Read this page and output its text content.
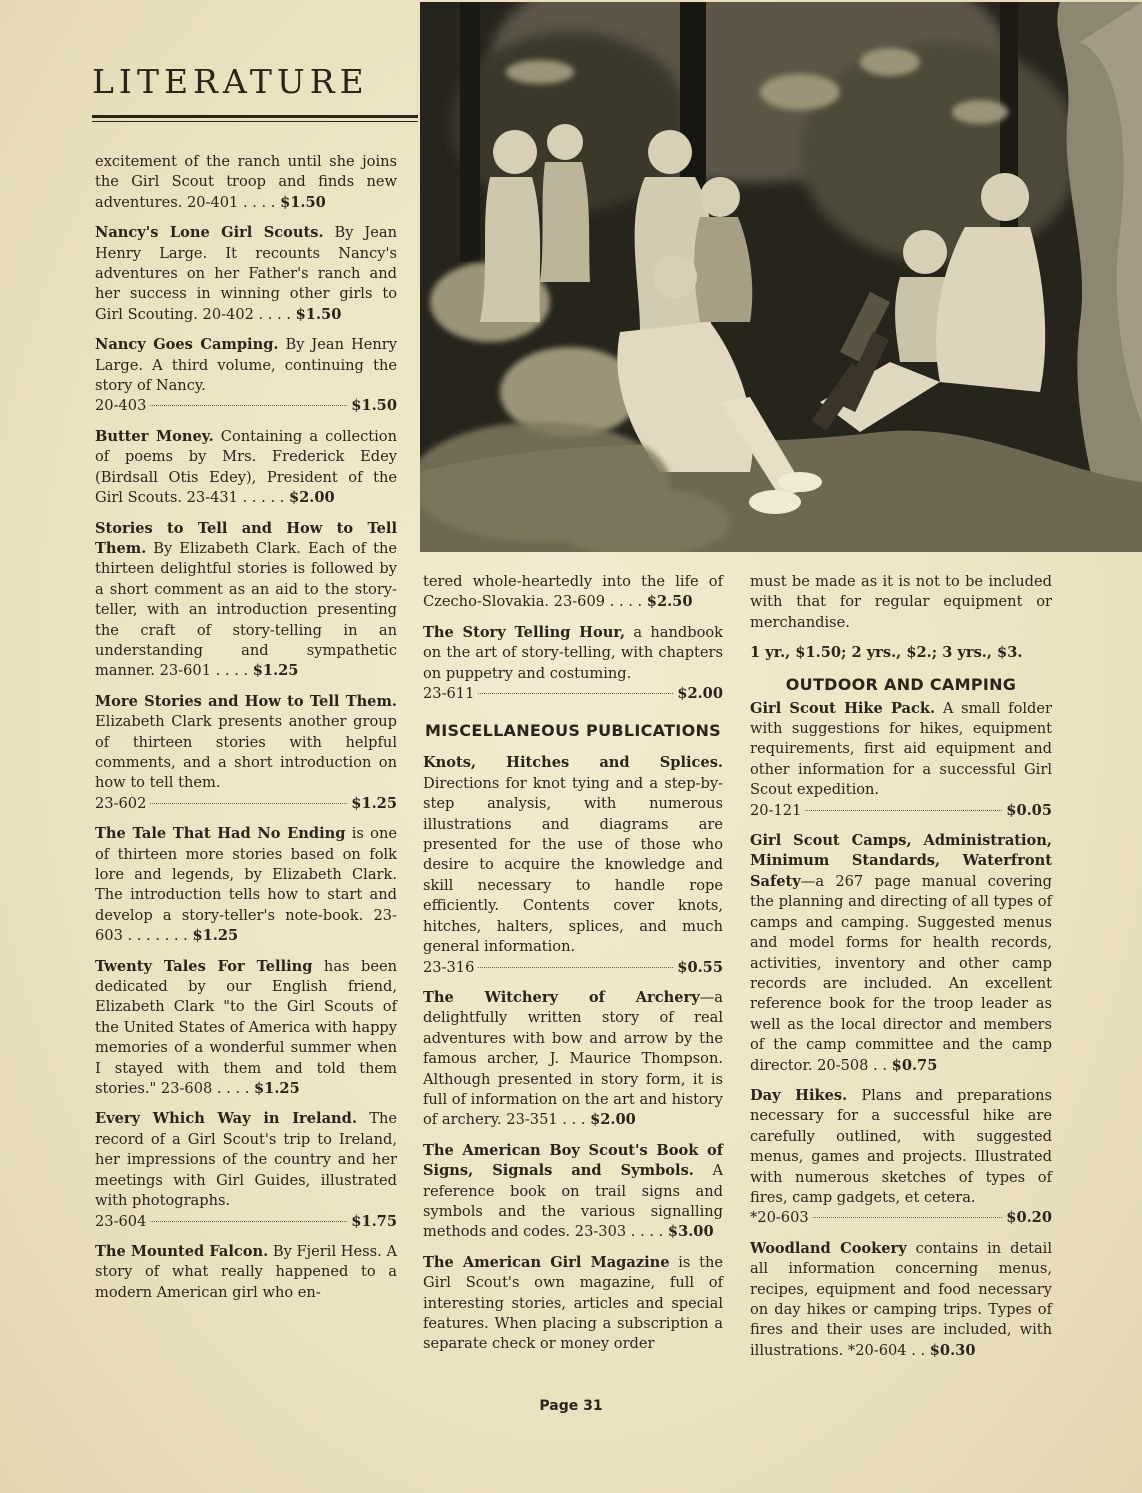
LITERATURE
excitement of the ranch until she joins the Girl Scout troop and finds new adventures. 20-401 . . . . $1.50
Nancy's Lone Girl Scouts. By Jean Henry Large. It recounts Nancy's adventures on her Father's ranch and her success in winning other girls to Girl Scouting. 20-402 . . . . $1.50
Nancy Goes Camping. By Jean Henry Large. A third volume, continuing the story of Nancy.
20-403	$1.50
Butter Money. Containing a collection of poems by Mrs. Frederick Edey (Birdsall Otis Edey), President of the Girl Scouts. 23-431 . . . . . $2.00
Stories to Tell and How to Tell Them. By Elizabeth Clark. Each of the thirteen delightful stories is followed by a short comment as an aid to the story-teller, with an introduction presenting the craft of story-telling in an understanding and sympathetic manner. 23-601 . . . . $1.25
More Stories and How to Tell Them. Elizabeth Clark presents another group of thirteen stories with helpful comments, and a short introduction on how to tell them.
23-602	$1.25
The Tale That Had No Ending is one of thirteen more stories based on folk lore and legends, by Elizabeth Clark. The introduction tells how to start and develop a story-teller's note-book. 23-603 . . . . . . . $1.25
Twenty Tales For Telling has been dedicated by our English friend, Elizabeth Clark "to the Girl Scouts of the United States of America with happy memories of a wonderful summer when I stayed with them and told them stories." 23-608 . . . . $1.25
Every Which Way in Ireland. The record of a Girl Scout's trip to Ireland, her impressions of the country and her meetings with Girl Guides, illustrated with photographs.
23-604	$1.75
The Mounted Falcon. By Fjeril Hess. A story of what really happened to a modern American girl who en-
tered whole-heartedly into the life of Czecho-Slovakia. 23-609 . . . . $2.50
The Story Telling Hour, a handbook on the art of story-telling, with chapters on puppetry and costuming.
23-611	$2.00
MISCELLANEOUS PUBLICATIONS
Knots, Hitches and Splices. Directions for knot tying and a step-by-step analysis, with numerous illustrations and diagrams are presented for the use of those who desire to acquire the knowledge and skill necessary to handle rope efficiently. Contents cover knots, hitches, halters, splices, and much general information.
23-316	$0.55
The Witchery of Archery—a delightfully written story of real adventures with bow and arrow by the famous archer, J. Maurice Thompson. Although presented in story form, it is full of information on the art and history of archery. 23-351 . . . $2.00
The American Boy Scout's Book of Signs, Signals and Symbols. A reference book on trail signs and symbols and the various signalling methods and codes. 23-303 . . . . $3.00
The American Girl Magazine is the Girl Scout's own magazine, full of interesting stories, articles and special features. When placing a subscription a separate check or money order
must be made as it is not to be included with that for regular equipment or merchandise.
1 yr., $1.50; 2 yrs., $2.; 3 yrs., $3.
OUTDOOR AND CAMPING
Girl Scout Hike Pack. A small folder with suggestions for hikes, equipment requirements, first aid equipment and other information for a successful Girl Scout expedition.
20-121	$0.05
Girl Scout Camps, Administration, Minimum Standards, Waterfront Safety—a 267 page manual covering the planning and directing of all types of camps and camping. Suggested menus and model forms for health records, activities, inventory and other camp records are included. An excellent reference book for the troop leader as well as the local director and members of the camp committee and the camp director. 20-508 . . $0.75
Day Hikes. Plans and preparations necessary for a successful hike are carefully outlined, with suggested menus, games and projects. Illustrated with numerous sketches of types of fires, camp gadgets, et cetera.
*20-603	$0.20
Woodland Cookery contains in detail all information concerning menus, recipes, equipment and food necessary on day hikes or camping trips. Types of fires and their uses are included, with illustrations. *20-604 . . $0.30
Page 31
